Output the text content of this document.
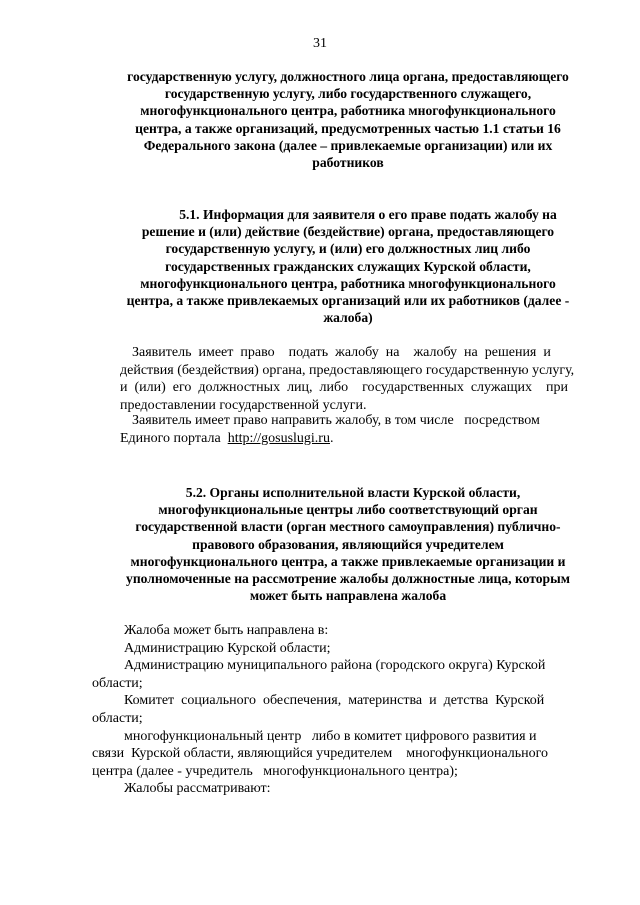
31
государственную услугу, должностного лица органа, предоставляющего
государственную услугу, либо государственного служащего,
многофункционального центра, работника многофункционального
центра, а также организаций, предусмотренных частью 1.1 статьи 16
Федерального закона (далее – привлекаемые организации) или их
работников
5.1. Информация для заявителя о его праве подать жалобу на
решение и (или) действие (бездействие) органа, предоставляющего
государственную услугу, и (или) его должностных лиц либо
государственных гражданских служащих Курской области,
многофункционального центра, работника многофункционального
центра, а также привлекаемых организаций или их работников (далее -
жалоба)
Заявитель  имеет  право    подать  жалобу  на    жалобу  на  решения  и
действия (бездействия) органа, предоставляющего государственную услугу,
и  (или)  его  должностных  лиц,  либо    государственных  служащих    при
предоставлении государственной услуги.
Заявитель имеет право направить жалобу, в том числе   посредством
Единого портала  http://gosuslugi.ru.
5.2. Органы исполнительной власти Курской области,
многофункциональные центры либо соответствующий орган
государственной власти (орган местного самоуправления) публично-
правового образования, являющийся учредителем
многофункционального центра, а также привлекаемые организации и
уполномоченные на рассмотрение жалобы должностные лица, которым
может быть направлена жалоба
Жалоба может быть направлена в:
Администрацию Курской области;
Администрацию муниципального района (городского округа) Курской
области;
Комитет  социального  обеспечения,  материнства  и  детства  Курской
области;
многофункциональный центр   либо в комитет цифрового развития и
связи  Курской области, являющийся учредителем    многофункционального
центра (далее - учредитель   многофункционального центра);
Жалобы рассматривают:
